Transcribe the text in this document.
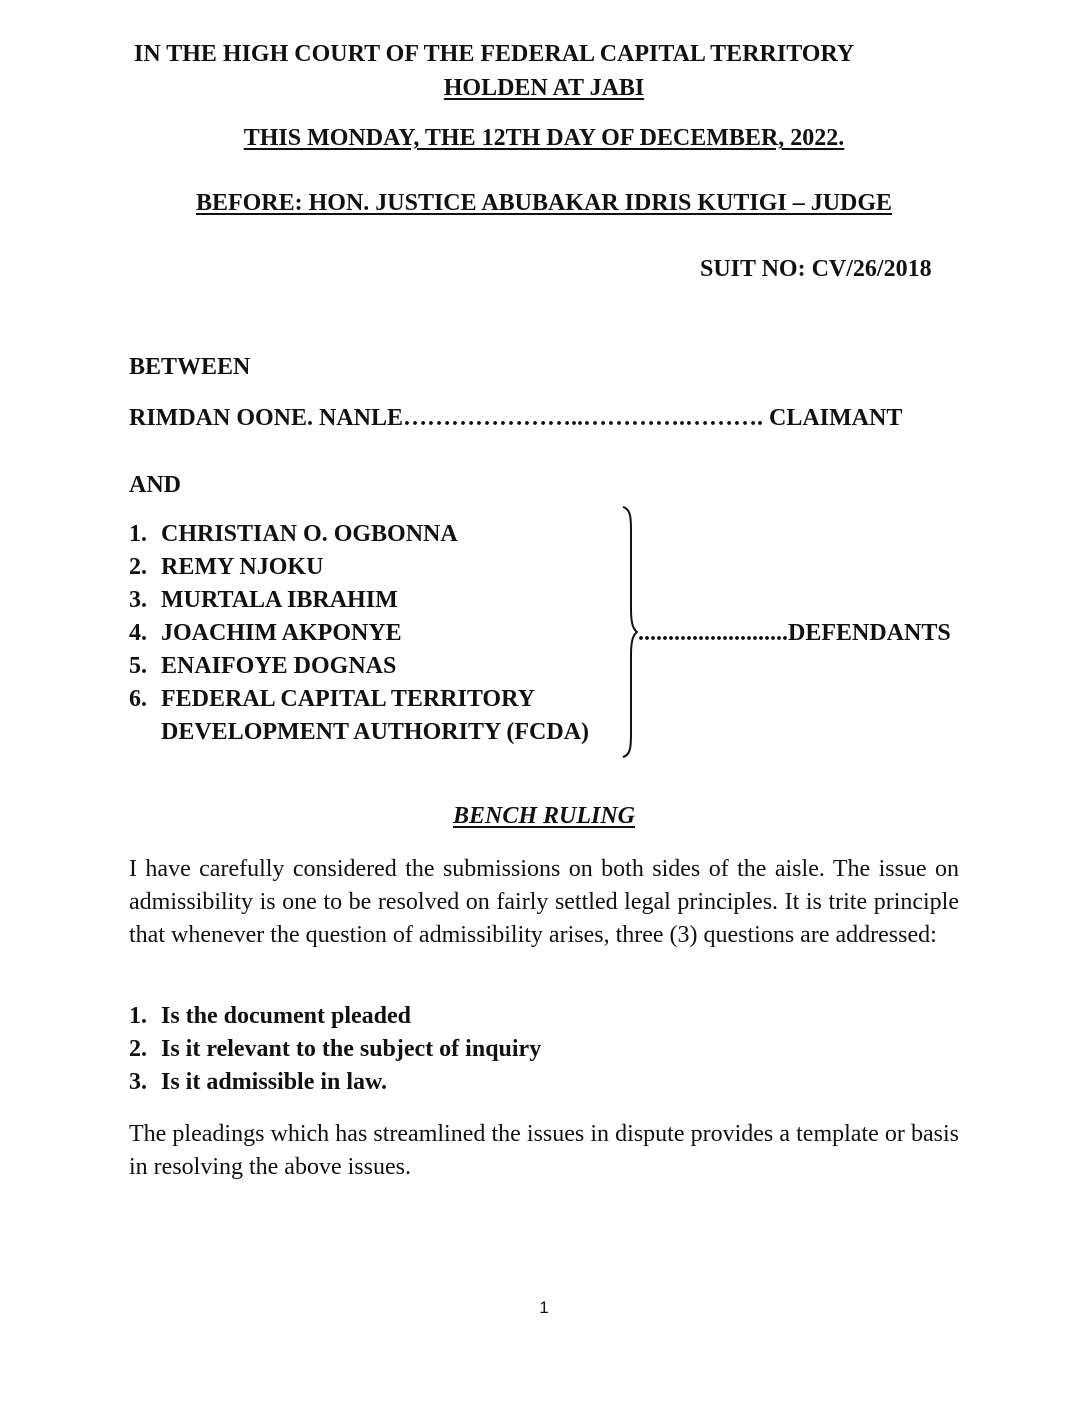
IN THE HIGH COURT OF THE FEDERAL CAPITAL TERRITORY
HOLDEN AT JABI
THIS MONDAY, THE 12TH DAY OF DECEMBER, 2022.
BEFORE: HON. JUSTICE ABUBAKAR IDRIS KUTIGI – JUDGE
SUIT NO: CV/26/2018
BETWEEN
RIMDAN OONE. NANLE…………………..………….………. CLAIMANT
AND
1. CHRISTIAN O. OGBONNA
2. REMY NJOKU
3. MURTALA IBRAHIM
4. JOACHIM AKPONYE
5. ENAIFOYE DOGNAS
6. FEDERAL CAPITAL TERRITORY
DEVELOPMENT AUTHORITY (FCDA)
.........................DEFENDANTS
BENCH RULING
I have carefully considered the submissions on both sides of the aisle. The issue on admissibility is one to be resolved on fairly settled legal principles. It is trite principle that whenever the question of admissibility arises, three (3) questions are addressed:
1. Is the document pleaded
2. Is it relevant to the subject of inquiry
3. Is it admissible in law.
The pleadings which has streamlined the issues in dispute provides a template or basis in resolving the above issues.
1
